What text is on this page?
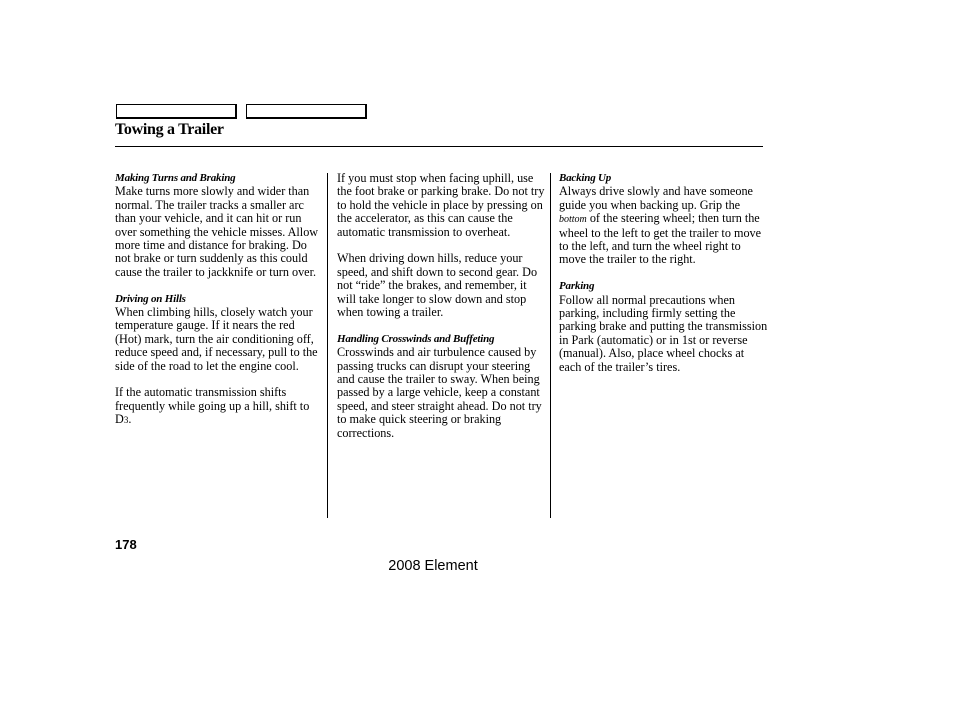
Towing a Trailer
Making Turns and Braking

Make turns more slowly and wider than normal. The trailer tracks a smaller arc than your vehicle, and it can hit or run over something the vehicle misses. Allow more time and distance for braking. Do not brake or turn suddenly as this could cause the trailer to jackknife or turn over.

Driving on Hills

When climbing hills, closely watch your temperature gauge. If it nears the red (Hot) mark, turn the air conditioning off, reduce speed and, if necessary, pull to the side of the road to let the engine cool.

If the automatic transmission shifts frequently while going up a hill, shift to D3.

If you must stop when facing uphill, use the foot brake or parking brake. Do not try to hold the vehicle in place by pressing on the accelerator, as this can cause the automatic transmission to overheat.

When driving down hills, reduce your speed, and shift down to second gear. Do not “ride” the brakes, and remember, it will take longer to slow down and stop when towing a trailer.

Handling Crosswinds and Buffeting

Crosswinds and air turbulence caused by passing trucks can disrupt your steering and cause the trailer to sway. When being passed by a large vehicle, keep a constant speed, and steer straight ahead. Do not try to make quick steering or braking corrections.

Backing Up

Always drive slowly and have someone guide you when backing up. Grip the bottom of the steering wheel; then turn the wheel to the left to get the trailer to move to the left, and turn the wheel right to move the trailer to the right.

Parking

Follow all normal precautions when parking, including firmly setting the parking brake and putting the transmission in Park (automatic) or in 1st or reverse (manual). Also, place wheel chocks at each of the trailer’s tires.

178
2008 Element
